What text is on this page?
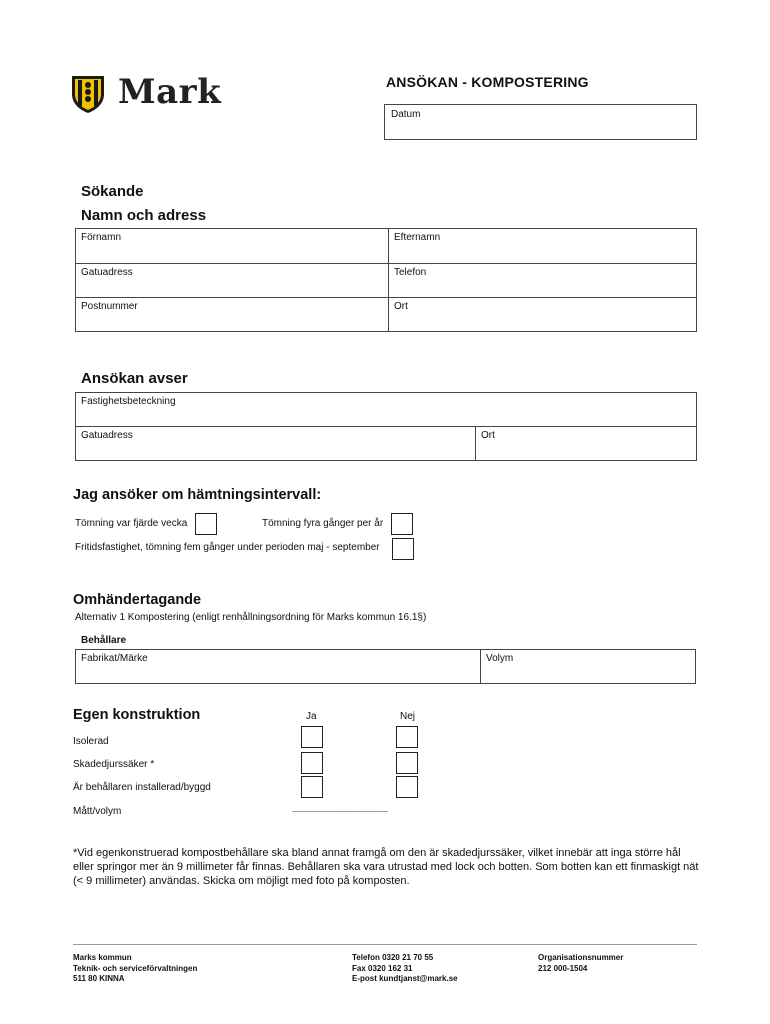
Mark	ANSÖKAN - KOMPOSTERING
Datum
Sökande
Namn och adress
Förnamn	Efternamn
Gatuadress	Telefon
Postnummer	Ort
Ansökan avser
Fastighetsbeteckning
Gatuadress	Ort
Jag ansöker om hämtningsintervall:
Tömning var fjärde vecka	Tömning fyra gånger per år
Fritidsfastighet, tömning fem gånger under perioden maj - september
Omhändertagande
Alternativ 1 Kompostering (enligt renhållningsordning för Marks kommun 16.1§)
Behållare
Fabrikat/Märke	Volym
Egen konstruktion	Ja	Nej
Isolerad
Skadedjurssäker *
Är behållaren installerad/byggd
Mått/volym	----------------------------------------------------------------
*Vid egenkonstruerad kompostbehållare ska bland annat framgå om den är skadedjurssäker, vilket innebär att inga större hål eller springor mer än 9 millimeter får finnas. Behållaren ska vara utrustad med lock och botten. Som botten kan ett finmaskigt nät (< 9 millimeter) användas. Skicka om möjligt med foto på komposten.
Marks kommun
Teknik- och serviceförvaltningen
511 80 KINNA
Telefon 0320 21 70 55
Fax 0320 162 31
E-post kundtjanst@mark.se
Organisationsnummer
212 000-1504
